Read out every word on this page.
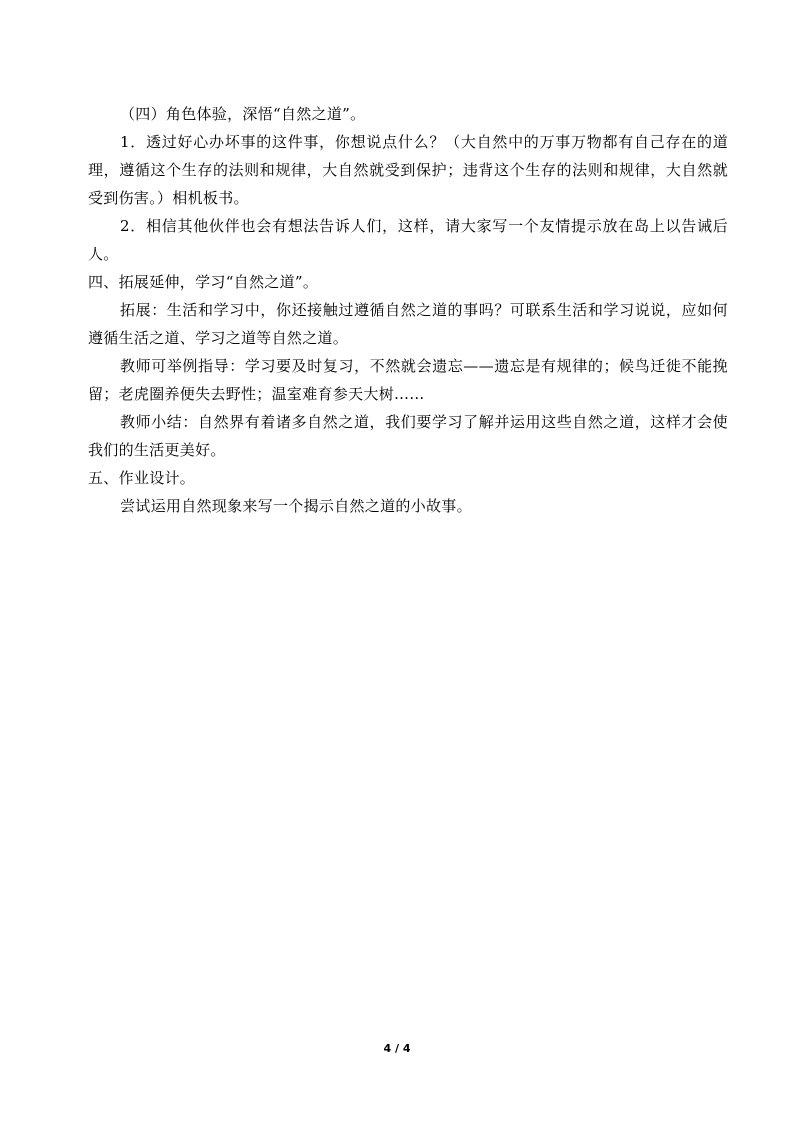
（四）角色体验，深悟“自然之道”。

1．透过好心办坏事的这件事，你想说点什么？（大自然中的万事万物都有自己存在的道理，遵循这个生存的法则和规律，大自然就受到保护；违背这个生存的法则和规律，大自然就受到伤害。）相机板书。

2．相信其他伙伴也会有想法告诉人们，这样，请大家写一个友情提示放在岛上以告诫后人。

四、拓展延伸，学习“自然之道”。

拓展：生活和学习中，你还接触过遵循自然之道的事吗？可联系生活和学习说说，应如何遵循生活之道、学习之道等自然之道。

教师可举例指导：学习要及时复习，不然就会遗忘——遗忘是有规律的；候鸟迁徙不能挽留；老虎圈养便失去野性；温室难育参天大树……

教师小结：自然界有着诸多自然之道，我们要学习了解并运用这些自然之道，这样才会使我们的生活更美好。

五、作业设计。

尝试运用自然现象来写一个揭示自然之道的小故事。

4 / 4
